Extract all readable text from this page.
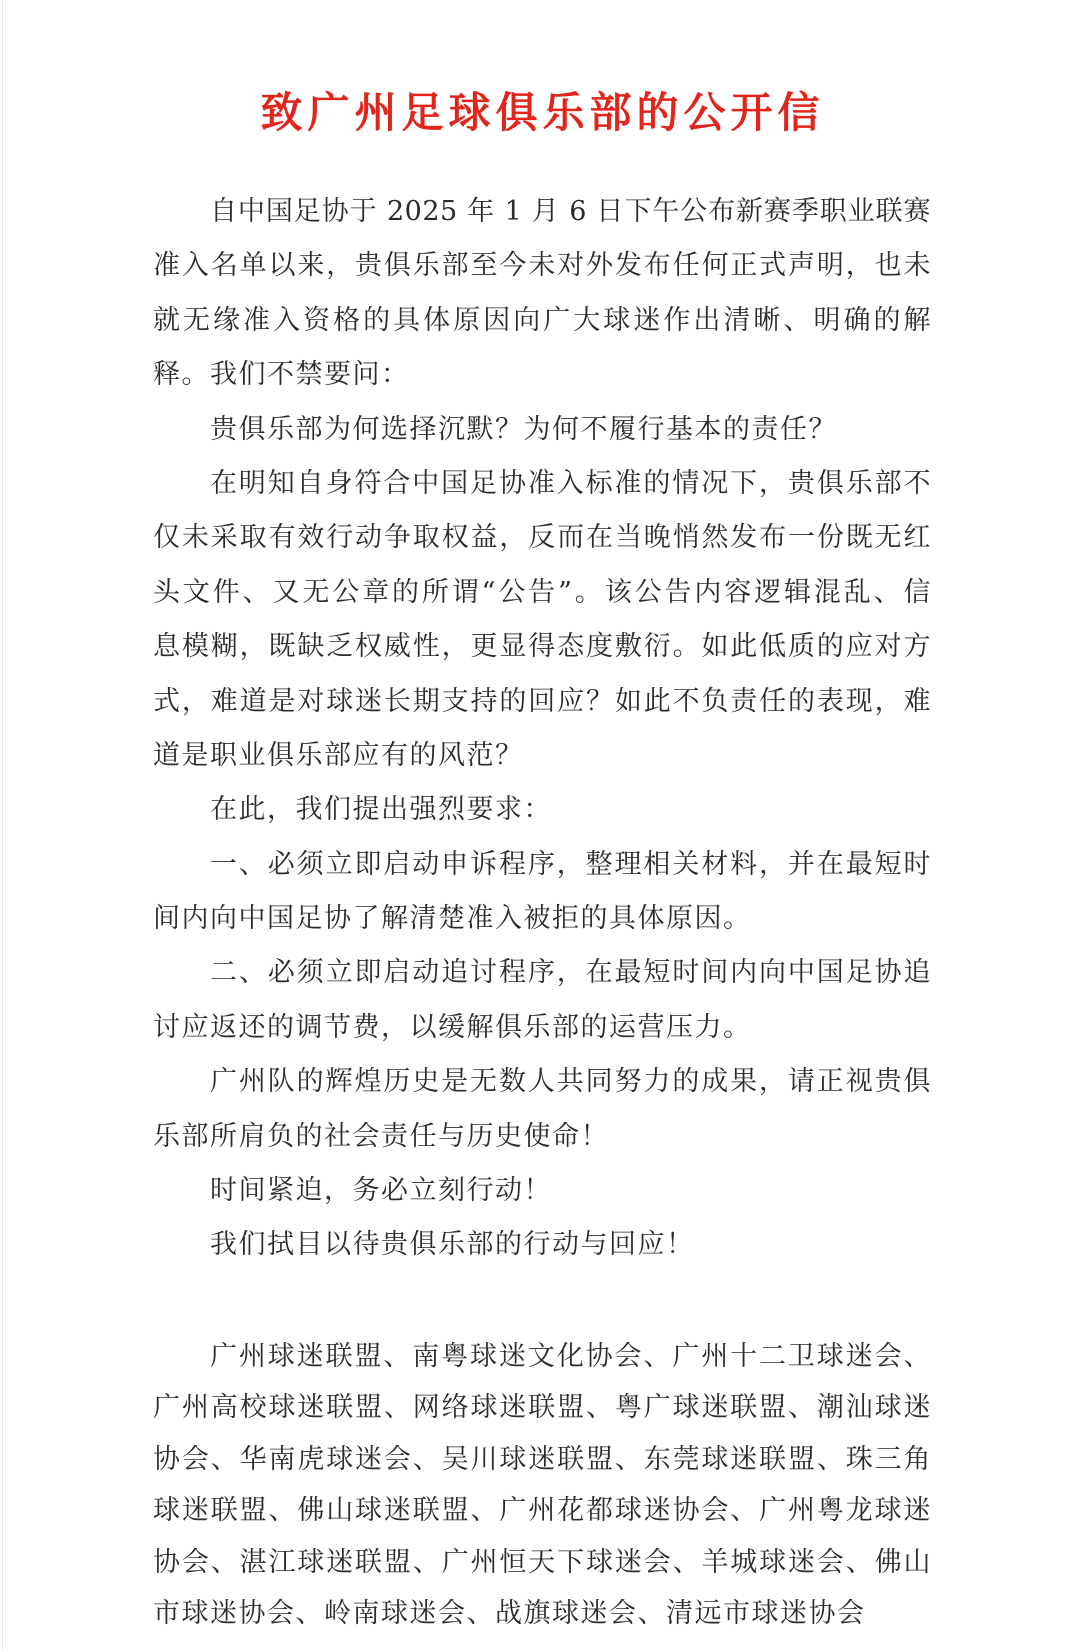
致广州足球俱乐部的公开信
自中国足协于 2025 年 1 月 6 日下午公布新赛季职业联赛
准入名单以来，贵俱乐部至今未对外发布任何正式声明，也未
就无缘准入资格的具体原因向广大球迷作出清晰、明确的解
释。我们不禁要问：
贵俱乐部为何选择沉默？为何不履行基本的责任？
在明知自身符合中国足协准入标准的情况下，贵俱乐部不
仅未采取有效行动争取权益，反而在当晚悄然发布一份既无红
头文件、又无公章的所谓“公告”。该公告内容逻辑混乱、信
息模糊，既缺乏权威性，更显得态度敷衍。如此低质的应对方
式，难道是对球迷长期支持的回应？如此不负责任的表现，难
道是职业俱乐部应有的风范？
在此，我们提出强烈要求：
一、必须立即启动申诉程序，整理相关材料，并在最短时
间内向中国足协了解清楚准入被拒的具体原因。
二、必须立即启动追讨程序，在最短时间内向中国足协追
讨应返还的调节费，以缓解俱乐部的运营压力。
广州队的辉煌历史是无数人共同努力的成果，请正视贵俱
乐部所肩负的社会责任与历史使命！
时间紧迫，务必立刻行动！
我们拭目以待贵俱乐部的行动与回应！
广州球迷联盟、南粤球迷文化协会、广州十二卫球迷会、
广州高校球迷联盟、网络球迷联盟、粤广球迷联盟、潮汕球迷
协会、华南虎球迷会、吴川球迷联盟、东莞球迷联盟、珠三角
球迷联盟、佛山球迷联盟、广州花都球迷协会、广州粤龙球迷
协会、湛江球迷联盟、广州恒天下球迷会、羊城球迷会、佛山
市球迷协会、岭南球迷会、战旗球迷会、清远市球迷协会
